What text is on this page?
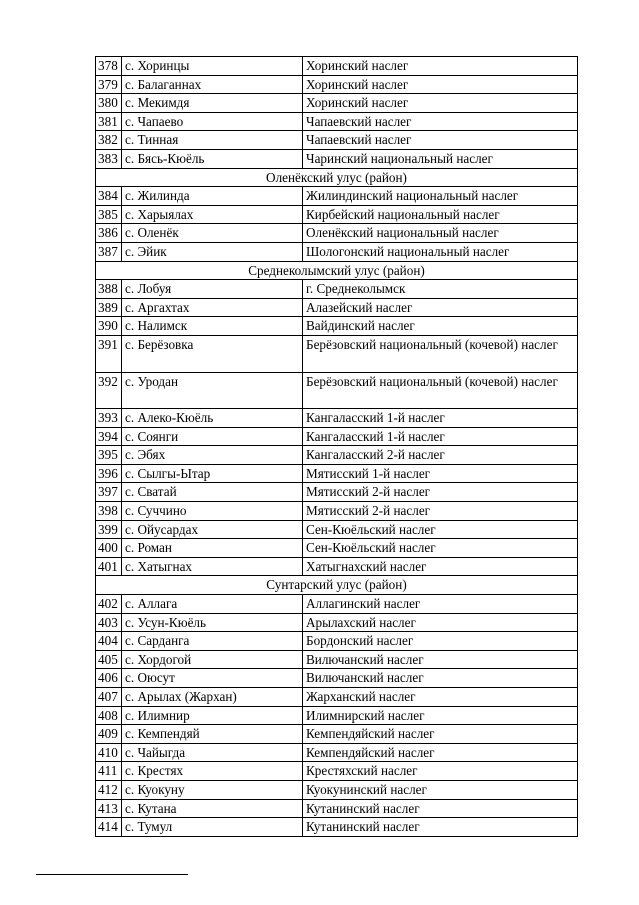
378	с. Хоринцы	Хоринский наслег
379	с. Балаганнах	Хоринский наслег
380	с. Мекимдя	Хоринский наслег
381	с. Чапаево	Чапаевский наслег
382	с. Тинная	Чапаевский наслег
383	с. Бясь-Кюёль	Чаринский национальный наслег
Оленёкский улус (район)		
384	с. Жилинда	Жилиндинский национальный наслег
385	с. Харыялах	Кирбейский национальный наслег
386	с. Оленёк	Оленёкский национальный наслег
387	с. Эйик	Шологонский национальный наслег
Среднеколымский улус (район)		
388	с. Лобуя	г. Среднеколымск
389	с. Аргахтах	Алазейский наслег
390	с. Налимск	Вайдинский наслег
391	с. Берёзовка	Берёзовский национальный (кочевой) наслег
392	с. Уродан	Берёзовский национальный (кочевой) наслег
393	с. Алеко-Кюёль	Кангаласский 1-й наслег
394	с. Соянги	Кангаласский 1-й наслег
395	с. Эбях	Кангаласский 2-й наслег
396	с. Сылгы-Ытар	Мятисский 1-й наслег
397	с. Сватай	Мятисский 2-й наслег
398	с. Суччино	Мятисский 2-й наслег
399	с. Ойусардах	Сен-Кюёльский наслег
400	с. Роман	Сен-Кюёльский наслег
401	с. Хатыгнах	Хатыгнахский наслег
Сунтарский улус (район)		
402	с. Аллага	Аллагинский наслег
403	с. Усун-Кюёль	Арылахский наслег
404	с. Сарданга	Бордонский наслег
405	с. Хордогой	Вилючанский наслег
406	с. Оюсут	Вилючанский наслег
407	с. Арылах (Жархан)	Жарханский наслег
408	с. Илимнир	Илимнирский наслег
409	с. Кемпендяй	Кемпендяйский наслег
410	с. Чайыгда	Кемпендяйский наслег
411	с. Крестях	Крестяхский наслег
412	с. Куокуну	Куокунинский наслег
413	с. Кутана	Кутанинский наслег
414	с. Тумул	Кутанинский наслег
